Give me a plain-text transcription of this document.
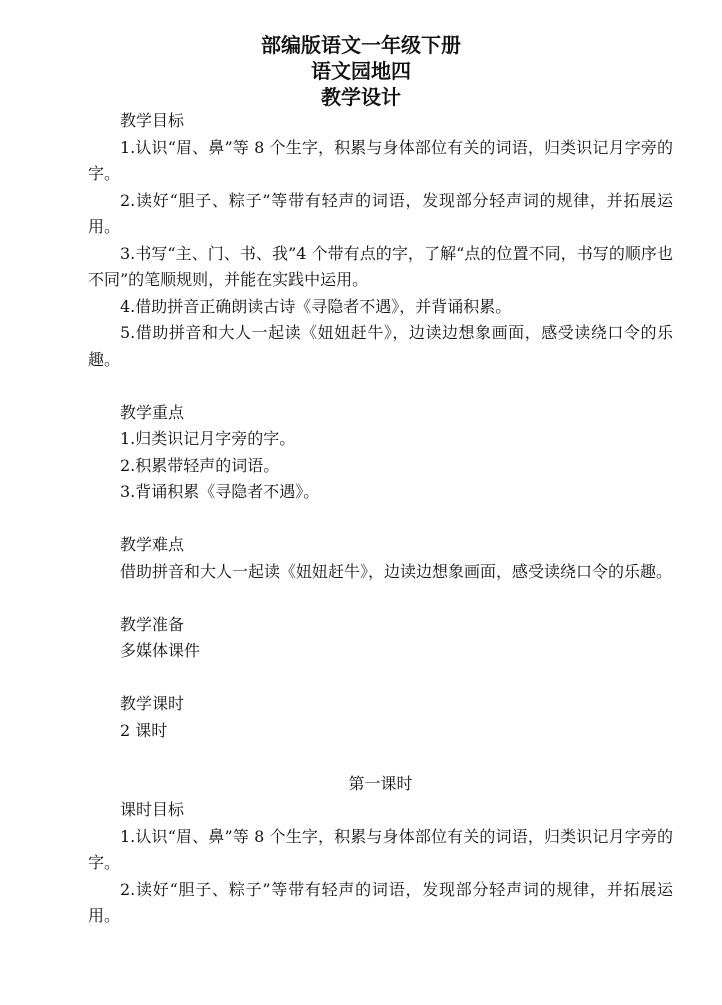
部编版语文一年级下册

语文园地四

教学设计

教学目标

1.认识“眉、鼻”等 8 个生字，积累与身体部位有关的词语，归类识记月字旁的字。

2.读好“胆子、粽子”等带有轻声的词语，发现部分轻声词的规律，并拓展运用。

3.书写“主、门、书、我”4 个带有点的字，了解“点的位置不同，书写的顺序也不同”的笔顺规则，并能在实践中运用。

4.借助拼音正确朗读古诗《寻隐者不遇》，并背诵积累。

5.借助拼音和大人一起读《妞妞赶牛》，边读边想象画面，感受读绕口令的乐趣。

教学重点

1.归类识记月字旁的字。

2.积累带轻声的词语。

3.背诵积累《寻隐者不遇》。

教学难点

借助拼音和大人一起读《妞妞赶牛》，边读边想象画面，感受读绕口令的乐趣。

教学准备

多媒体课件

教学课时

2 课时

第一课时

课时目标

1.认识“眉、鼻”等 8 个生字，积累与身体部位有关的词语，归类识记月字旁的字。

2.读好“胆子、粽子”等带有轻声的词语，发现部分轻声词的规律，并拓展运用。
